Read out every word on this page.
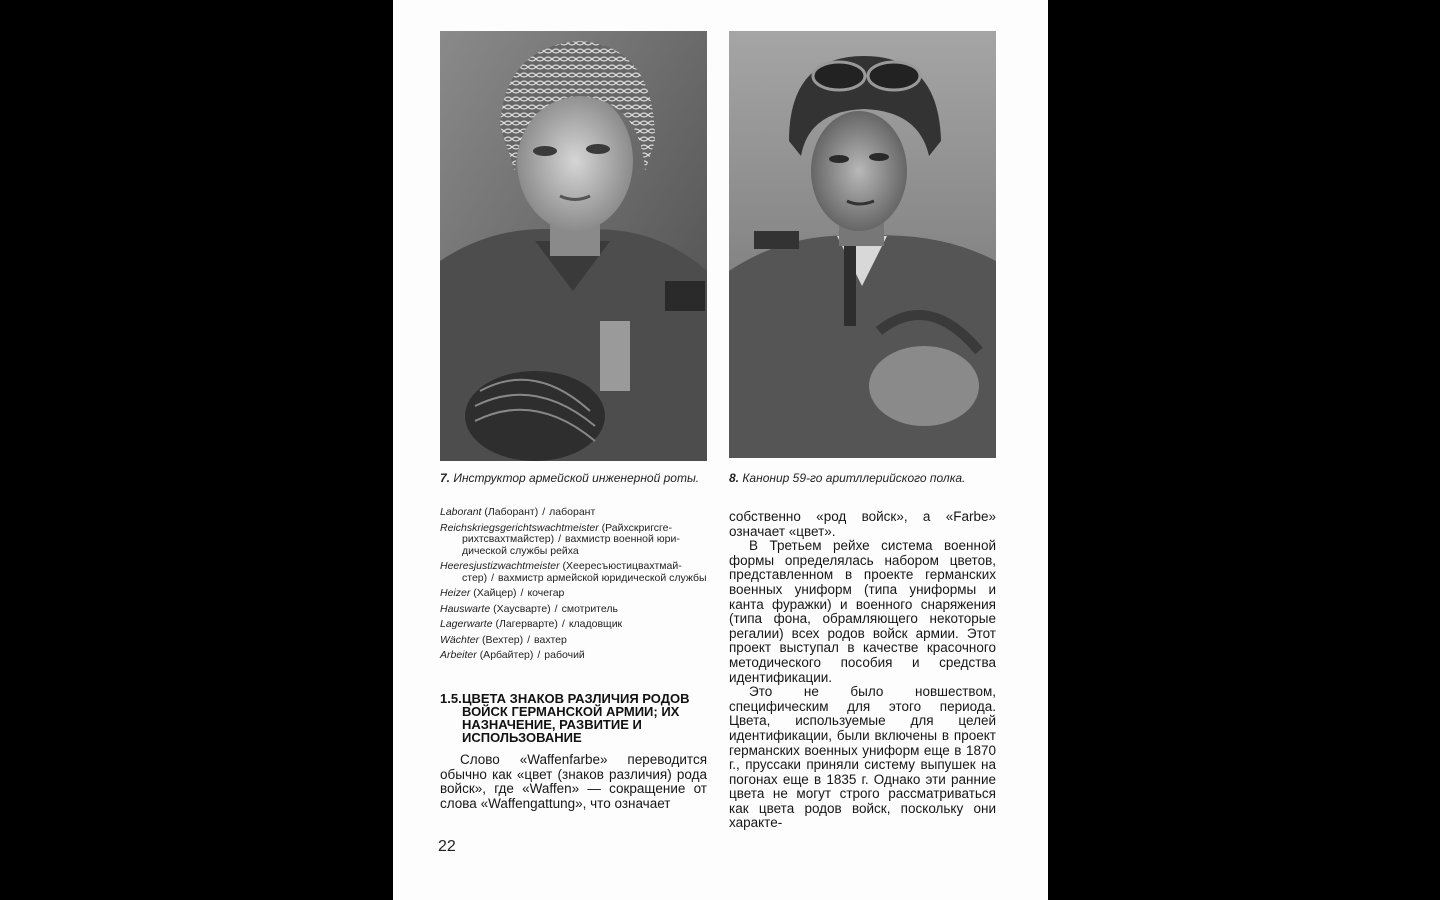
7. Инструктор армейской инженерной роты.	8. Канонир 59-го аритллерийского полка.
Laborant (Лаборант) / лаборант
Reichskriegsgerichtswachtmeister (Райхскригсге-рихтсвахтмайстер) / вахмистр военной юри-дической службы рейха
Heeresjustizwachtmeister (Хеересъюстицвахтмай-стер) / вахмистр армейской юридической службы
Heizer (Хайцер) / кочегар
Hauswarte (Хаусварте) / смотритель
Lagerwarte (Лагерварте) / кладовщик
Wächter (Вехтер) / вахтер
Arbeiter (Арбайтер) / рабочий
1.5. ЦВЕТА ЗНАКОВ РАЗЛИЧИЯ РОДОВ ВОЙСК ГЕРМАНСКОЙ АРМИИ; ИХ НАЗНАЧЕНИЕ, РАЗВИТИЕ И ИСПОЛЬЗОВАНИЕ

Слово «Waffenfarbe» переводится обычно как «цвет (знаков различия) рода войск», где «Waffen» — сокращение от слова «Waffengattung», что означает

собственно «род войск», а «Farbe» означает «цвет».

В Третьем рейхе система военной формы определялась набором цветов, представленном в проекте германских военных униформ (типа униформы и канта фуражки) и военного снаряжения (типа фона, обрамляющего некоторые регалии) всех родов войск армии. Этот проект выступал в качестве красочного методического пособия и средства идентификации.

Это не было новшеством, специфическим для этого периода. Цвета, используемые для целей идентификации, были включены в проект германских военных униформ еще в 1870 г., пруссаки приняли систему выпушек на погонах еще в 1835 г. Однако эти ранние цвета не могут строго рассматриваться как цвета родов войск, поскольку они характе-

22
